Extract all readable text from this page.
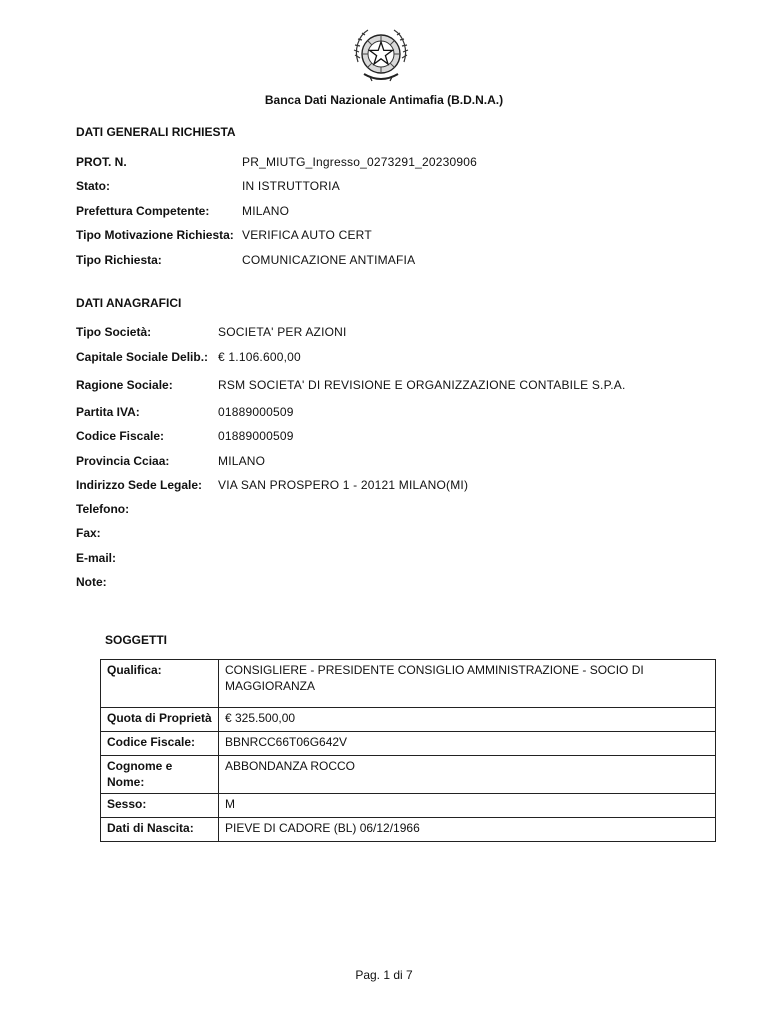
Banca Dati Nazionale Antimafia (B.D.N.A.)
DATI GENERALI RICHIESTA
PROT. N.	PR_MIUTG_Ingresso_0273291_20230906
Stato:	IN ISTRUTTORIA
Prefettura Competente:	MILANO
Tipo Motivazione Richiesta: VERIFICA AUTO CERT
Tipo Richiesta:	COMUNICAZIONE ANTIMAFIA
DATI ANAGRAFICI
Tipo Società:	SOCIETA' PER AZIONI
Capitale Sociale Delib.: € 1.106.600,00
Ragione Sociale:	RSM SOCIETA' DI REVISIONE E ORGANIZZAZIONE CONTABILE S.P.A.
Partita IVA:	01889000509
Codice Fiscale:	01889000509
Provincia Cciaa:	MILANO
Indirizzo Sede Legale: VIA SAN PROSPERO 1 - 20121 MILANO(MI)
Telefono:
Fax:
E-mail:
Note:
SOGGETTI
Qualifica:	CONSIGLIERE - PRESIDENTE CONSIGLIO AMMINISTRAZIONE - SOCIO DI MAGGIORANZA
Quota di Proprietà	€ 325.500,00
Codice Fiscale:	BBNRCC66T06G642V
Cognome e Nome:	ABBONDANZA ROCCO
Sesso:	M
Dati di Nascita:	PIEVE DI CADORE (BL) 06/12/1966
Pag. 1 di 7
